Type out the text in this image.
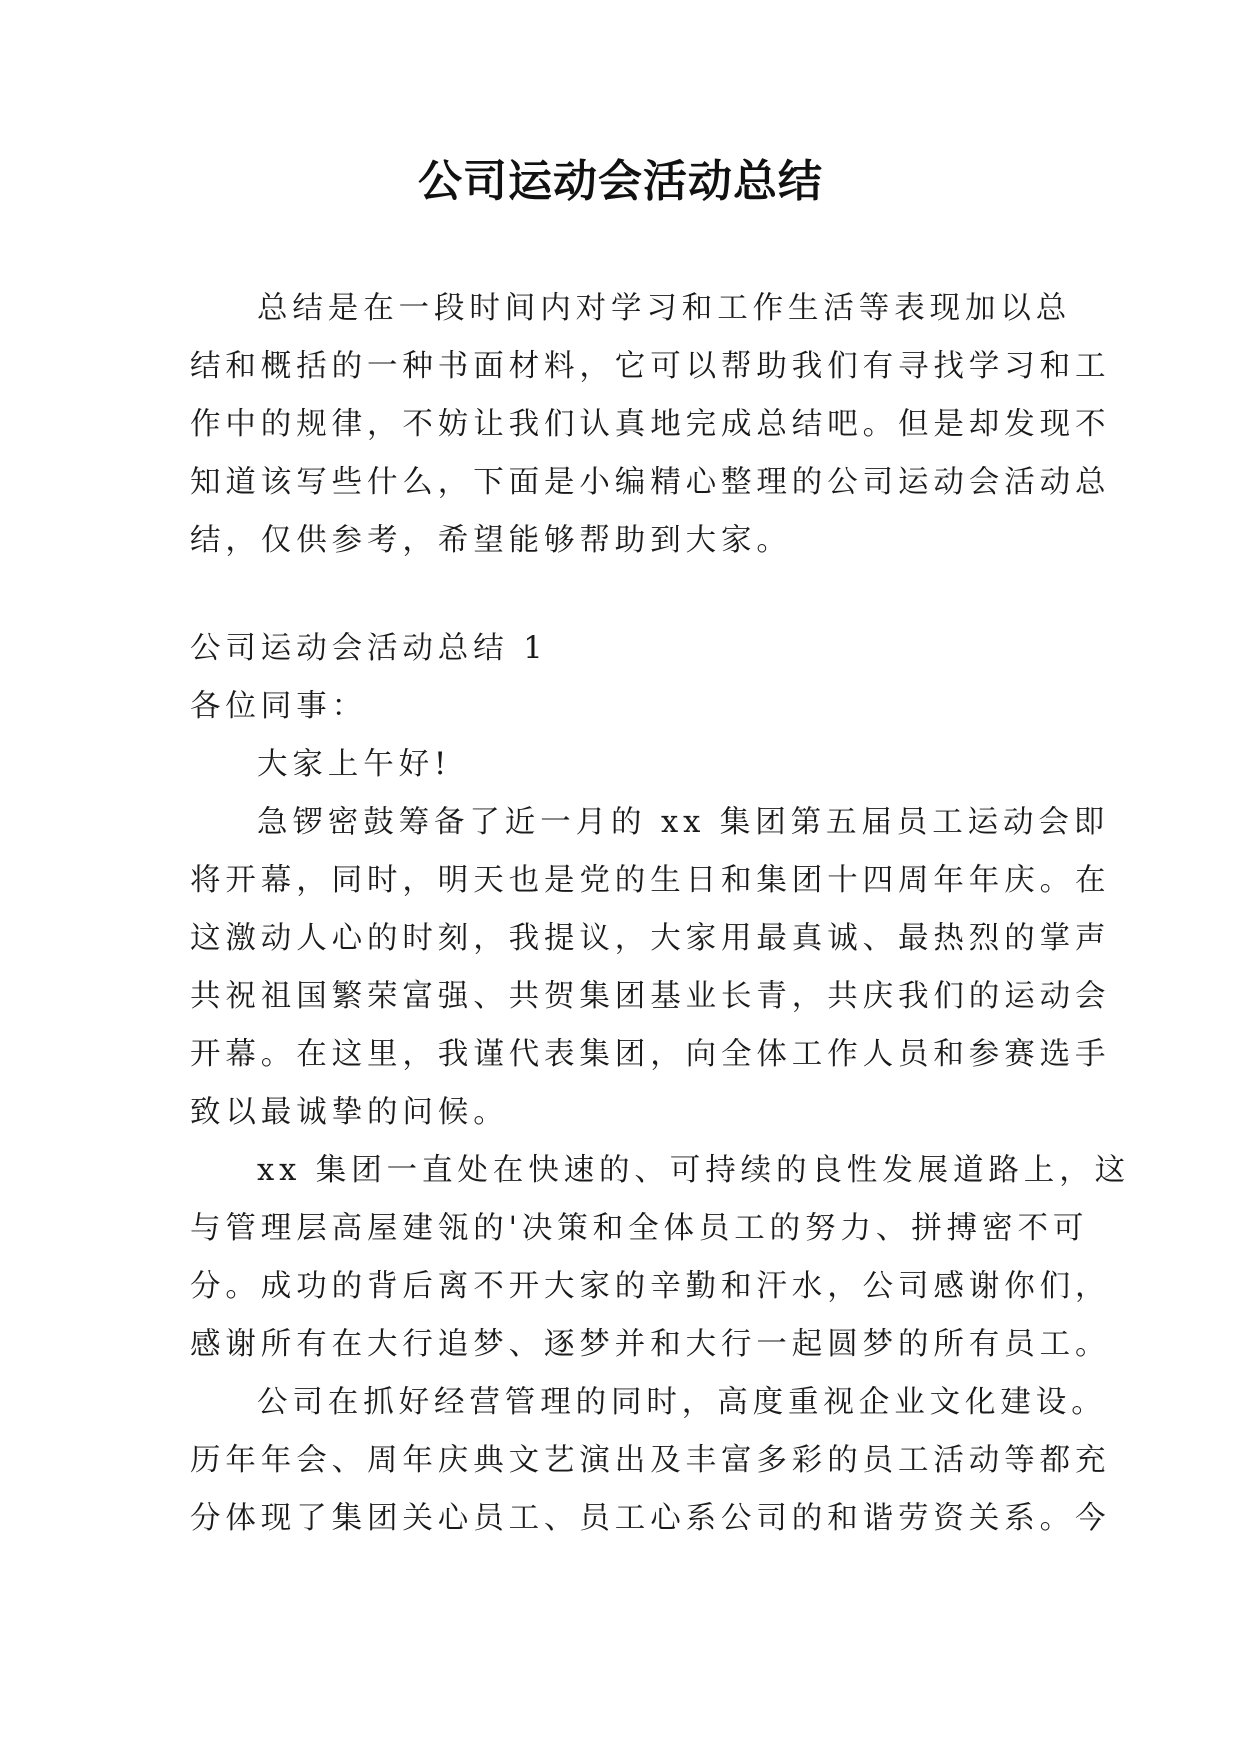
公司运动会活动总结
总结是在一段时间内对学习和工作生活等表现加以总
结和概括的一种书面材料，它可以帮助我们有寻找学习和工
作中的规律，不妨让我们认真地完成总结吧。但是却发现不
知道该写些什么，下面是小编精心整理的公司运动会活动总
结，仅供参考，希望能够帮助到大家。
公司运动会活动总结 1
各位同事：
大家上午好!
急锣密鼓筹备了近一月的 xx 集团第五届员工运动会即
将开幕，同时，明天也是党的生日和集团十四周年年庆。在
这激动人心的时刻，我提议，大家用最真诚、最热烈的掌声
共祝祖国繁荣富强、共贺集团基业长青，共庆我们的运动会
开幕。在这里，我谨代表集团，向全体工作人员和参赛选手
致以最诚挚的问候。
xx 集团一直处在快速的、可持续的良性发展道路上，这
与管理层高屋建瓴的'决策和全体员工的努力、拼搏密不可
分。成功的背后离不开大家的辛勤和汗水，公司感谢你们，
感谢所有在大行追梦、逐梦并和大行一起圆梦的所有员工。
公司在抓好经营管理的同时，高度重视企业文化建设。
历年年会、周年庆典文艺演出及丰富多彩的员工活动等都充
分体现了集团关心员工、员工心系公司的和谐劳资关系。今
